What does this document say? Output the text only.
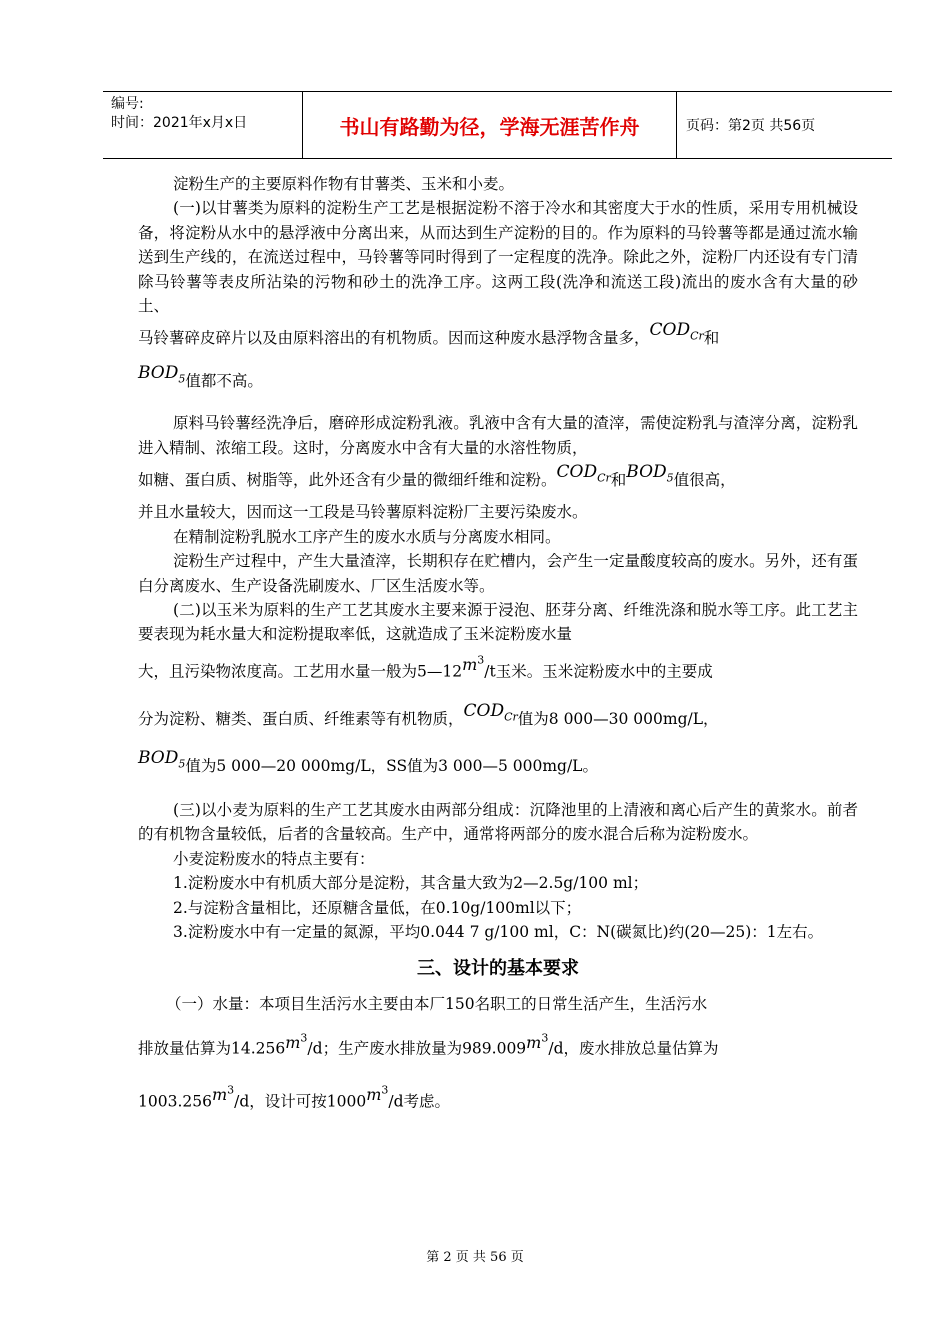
编号:
时间：2021年x月x日	书山有路勤为径，学海无涯苦作舟	页码：第2页 共56页

淀粉生产的主要原料作物有甘薯类、玉米和小麦。

(一)以甘薯类为原料的淀粉生产工艺是根据淀粉不溶于冷水和其密度大于水的性质，采用专用机械设备，将淀粉从水中的悬浮液中分离出来，从而达到生产淀粉的目的。作为原料的马铃薯等都是通过流水输送到生产线的，在流送过程中，马铃薯等同时得到了一定程度的洗净。除此之外，淀粉厂内还设有专门清除马铃薯等表皮所沾染的污物和砂土的洗净工序。这两工段(洗净和流送工段)流出的废水含有大量的砂土、

马铃薯碎皮碎片以及由原料溶出的有机物质。因而这种废水悬浮物含量多，$COD_{Cr}$和

$BOD_5$值都不高。

原料马铃薯经洗净后，磨碎形成淀粉乳液。乳液中含有大量的渣滓，需使淀粉乳与渣滓分离，淀粉乳进入精制、浓缩工段。这时，分离废水中含有大量的水溶性物质，

如糖、蛋白质、树脂等，此外还含有少量的微细纤维和淀粉。$COD_{Cr}$和$BOD_5$值很高，

并且水量较大，因而这一工段是马铃薯原料淀粉厂主要污染废水。

在精制淀粉乳脱水工序产生的废水水质与分离废水相同。

淀粉生产过程中，产生大量渣滓，长期积存在贮槽内，会产生一定量酸度较高的废水。另外，还有蛋白分离废水、生产设备洗刷废水、厂区生活废水等。

(二)以玉米为原料的生产工艺其废水主要来源于浸泡、胚芽分离、纤维洗涤和脱水等工序。此工艺主要表现为耗水量大和淀粉提取率低，这就造成了玉米淀粉废水量

大，且污染物浓度高。工艺用水量一般为$5—12m^3/t$玉米。玉米淀粉废水中的主要成

分为淀粉、糖类、蛋白质、纤维素等有机物质，$COD_{Cr}$值为8 000—30 000mg/L，

$BOD_5$值为5 000—20 000mg/L，SS值为3 000—5 000mg/L。

(三)以小麦为原料的生产工艺其废水由两部分组成：沉降池里的上清液和离心后产生的黄浆水。前者的有机物含量较低，后者的含量较高。生产中，通常将两部分的废水混合后称为淀粉废水。

小麦淀粉废水的特点主要有：

1.淀粉废水中有机质大部分是淀粉，其含量大致为2—2.5g/100 ml；

2.与淀粉含量相比，还原糖含量低，在0.10g/100ml以下；

3.淀粉废水中有一定量的氮源，平均0.044 7 g/100 ml，C：N(碳氮比)约(20—25)：1左右。

三、设计的基本要求

（一）水量：本项目生活污水主要由本厂150名职工的日常生活产生，生活污水

排放量估算为$14.256m^3/d$；生产废水排放量为$989.009m^3/d$，废水排放总量估算为

$1003.256m^3/d$，设计可按$1000m^3/d$考虑。

第 2 页 共 56 页
